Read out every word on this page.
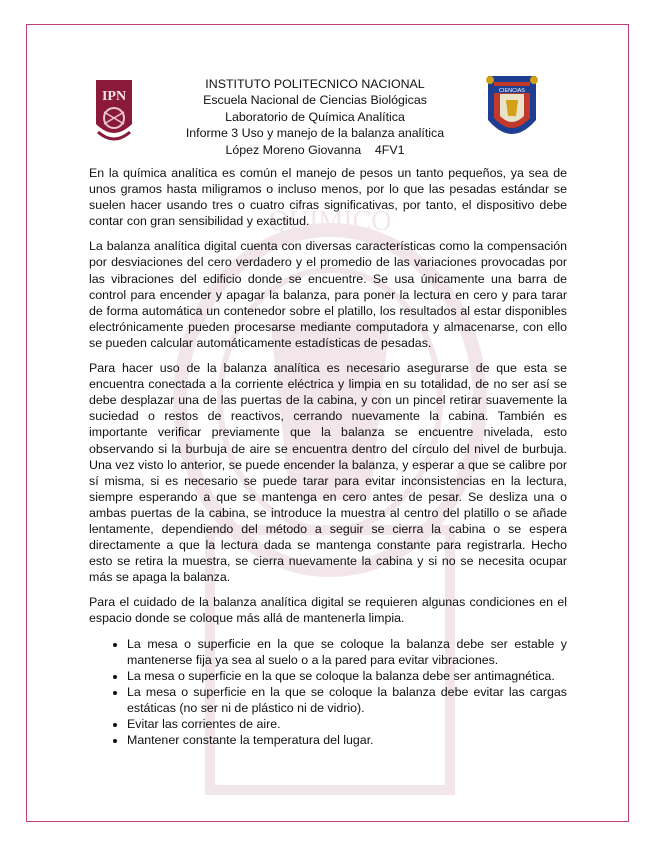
QUIMICO
IPN	CIENCIAS
INSTITUTO POLITECNICO NACIONAL
Escuela Nacional de Ciencias Biológicas
Laboratorio de Química Analítica
Informe 3 Uso y manejo de la balanza analítica
López Moreno Giovanna    4FV1

En la química analítica es común el manejo de pesos un tanto pequeños, ya sea de unos gramos hasta miligramos o incluso menos, por lo que las pesadas estándar se suelen hacer usando tres o cuatro cifras significativas, por tanto, el dispositivo debe contar con gran sensibilidad y exactitud.

La balanza analítica digital cuenta con diversas características como la compensación por desviaciones del cero verdadero y el promedio de las variaciones provocadas por las vibraciones del edificio donde se encuentre. Se usa únicamente una barra de control para encender y apagar la balanza, para poner la lectura en cero y para tarar de forma automática un contenedor sobre el platillo, los resultados al estar disponibles electrónicamente pueden procesarse mediante computadora y almacenarse, con ello se pueden calcular automáticamente estadísticas de pesadas.

Para hacer uso de la balanza analítica es necesario asegurarse de que esta se encuentra conectada a la corriente eléctrica y limpia en su totalidad, de no ser así se debe desplazar una de las puertas de la cabina, y con un pincel retirar suavemente la suciedad o restos de reactivos, cerrando nuevamente la cabina. También es importante verificar previamente que la balanza se encuentre nivelada, esto observando si la burbuja de aire se encuentra dentro del círculo del nivel de burbuja. Una vez visto lo anterior, se puede encender la balanza, y esperar a que se calibre por sí misma, si es necesario se puede tarar para evitar inconsistencias en la lectura, siempre esperando a que se mantenga en cero antes de pesar. Se desliza una o ambas puertas de la cabina, se introduce la muestra al centro del platillo o se añade lentamente, dependiendo del método a seguir se cierra la cabina o se espera directamente a que la lectura dada se mantenga constante para registrarla. Hecho esto se retira la muestra, se cierra nuevamente la cabina y si no se necesita ocupar más se apaga la balanza.

Para el cuidado de la balanza analítica digital se requieren algunas condiciones en el espacio donde se coloque más allá de mantenerla limpia.

• La mesa o superficie en la que se coloque la balanza debe ser estable y mantenerse fija ya sea al suelo o a la pared para evitar vibraciones.
• La mesa o superficie en la que se coloque la balanza debe ser antimagnética.
• La mesa o superficie en la que se coloque la balanza debe evitar las cargas estáticas (no ser ni de plástico ni de vidrio).
• Evitar las corrientes de aire.
• Mantener constante la temperatura del lugar.
